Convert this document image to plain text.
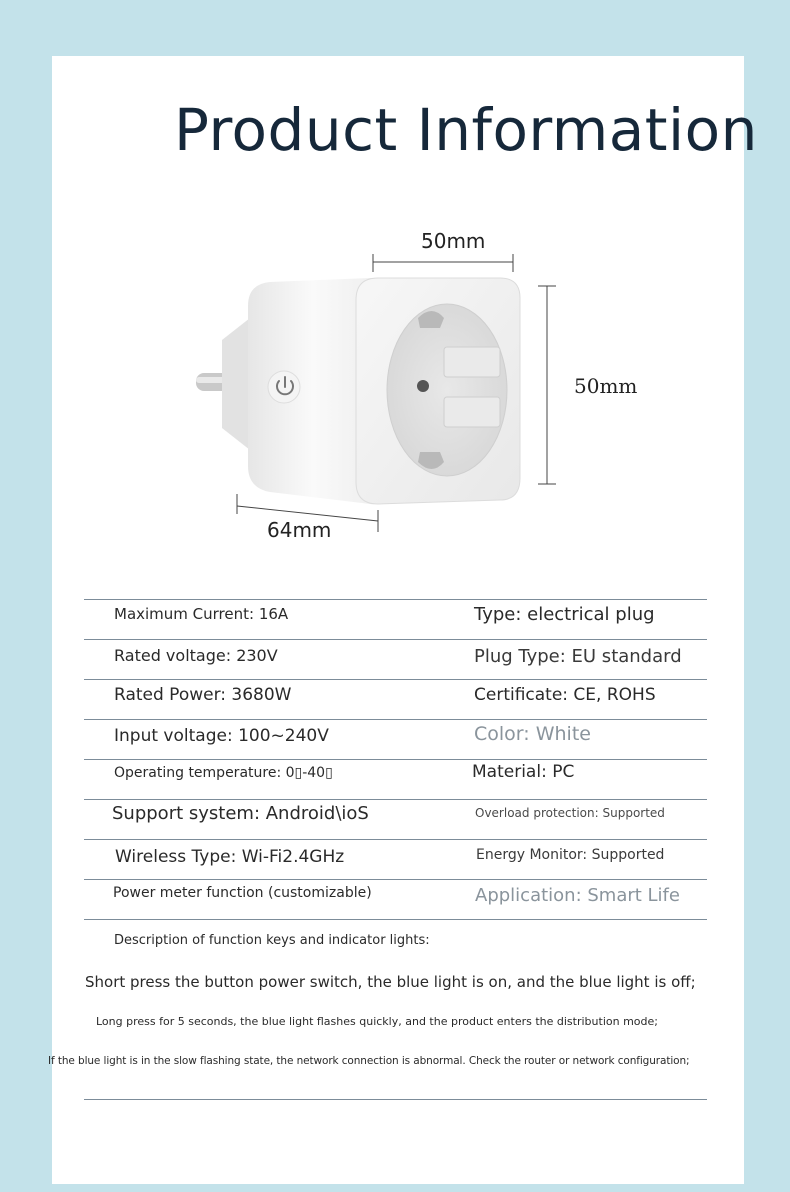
Product Information
50mm
50mm
64mm
Maximum Current: 16A	Type: electrical plug
Rated voltage: 230V	Plug Type: EU standard
Rated Power: 3680W	Certificate: CE, ROHS
Input voltage: 100~240V	Color: White
Operating temperature: 0▯-40▯	Material: PC
Support system: Android\ioS	Overload protection: Supported
Wireless Type: Wi-Fi2.4GHz	Energy Monitor: Supported
Power meter function (customizable)	Application: Smart Life
Description of function keys and indicator lights:
Short press the button power switch, the blue light is on, and the blue light is off;
Long press for 5 seconds, the blue light flashes quickly, and the product enters the distribution mode;
If the blue light is in the slow flashing state, the network connection is abnormal. Check the router or network configuration;
